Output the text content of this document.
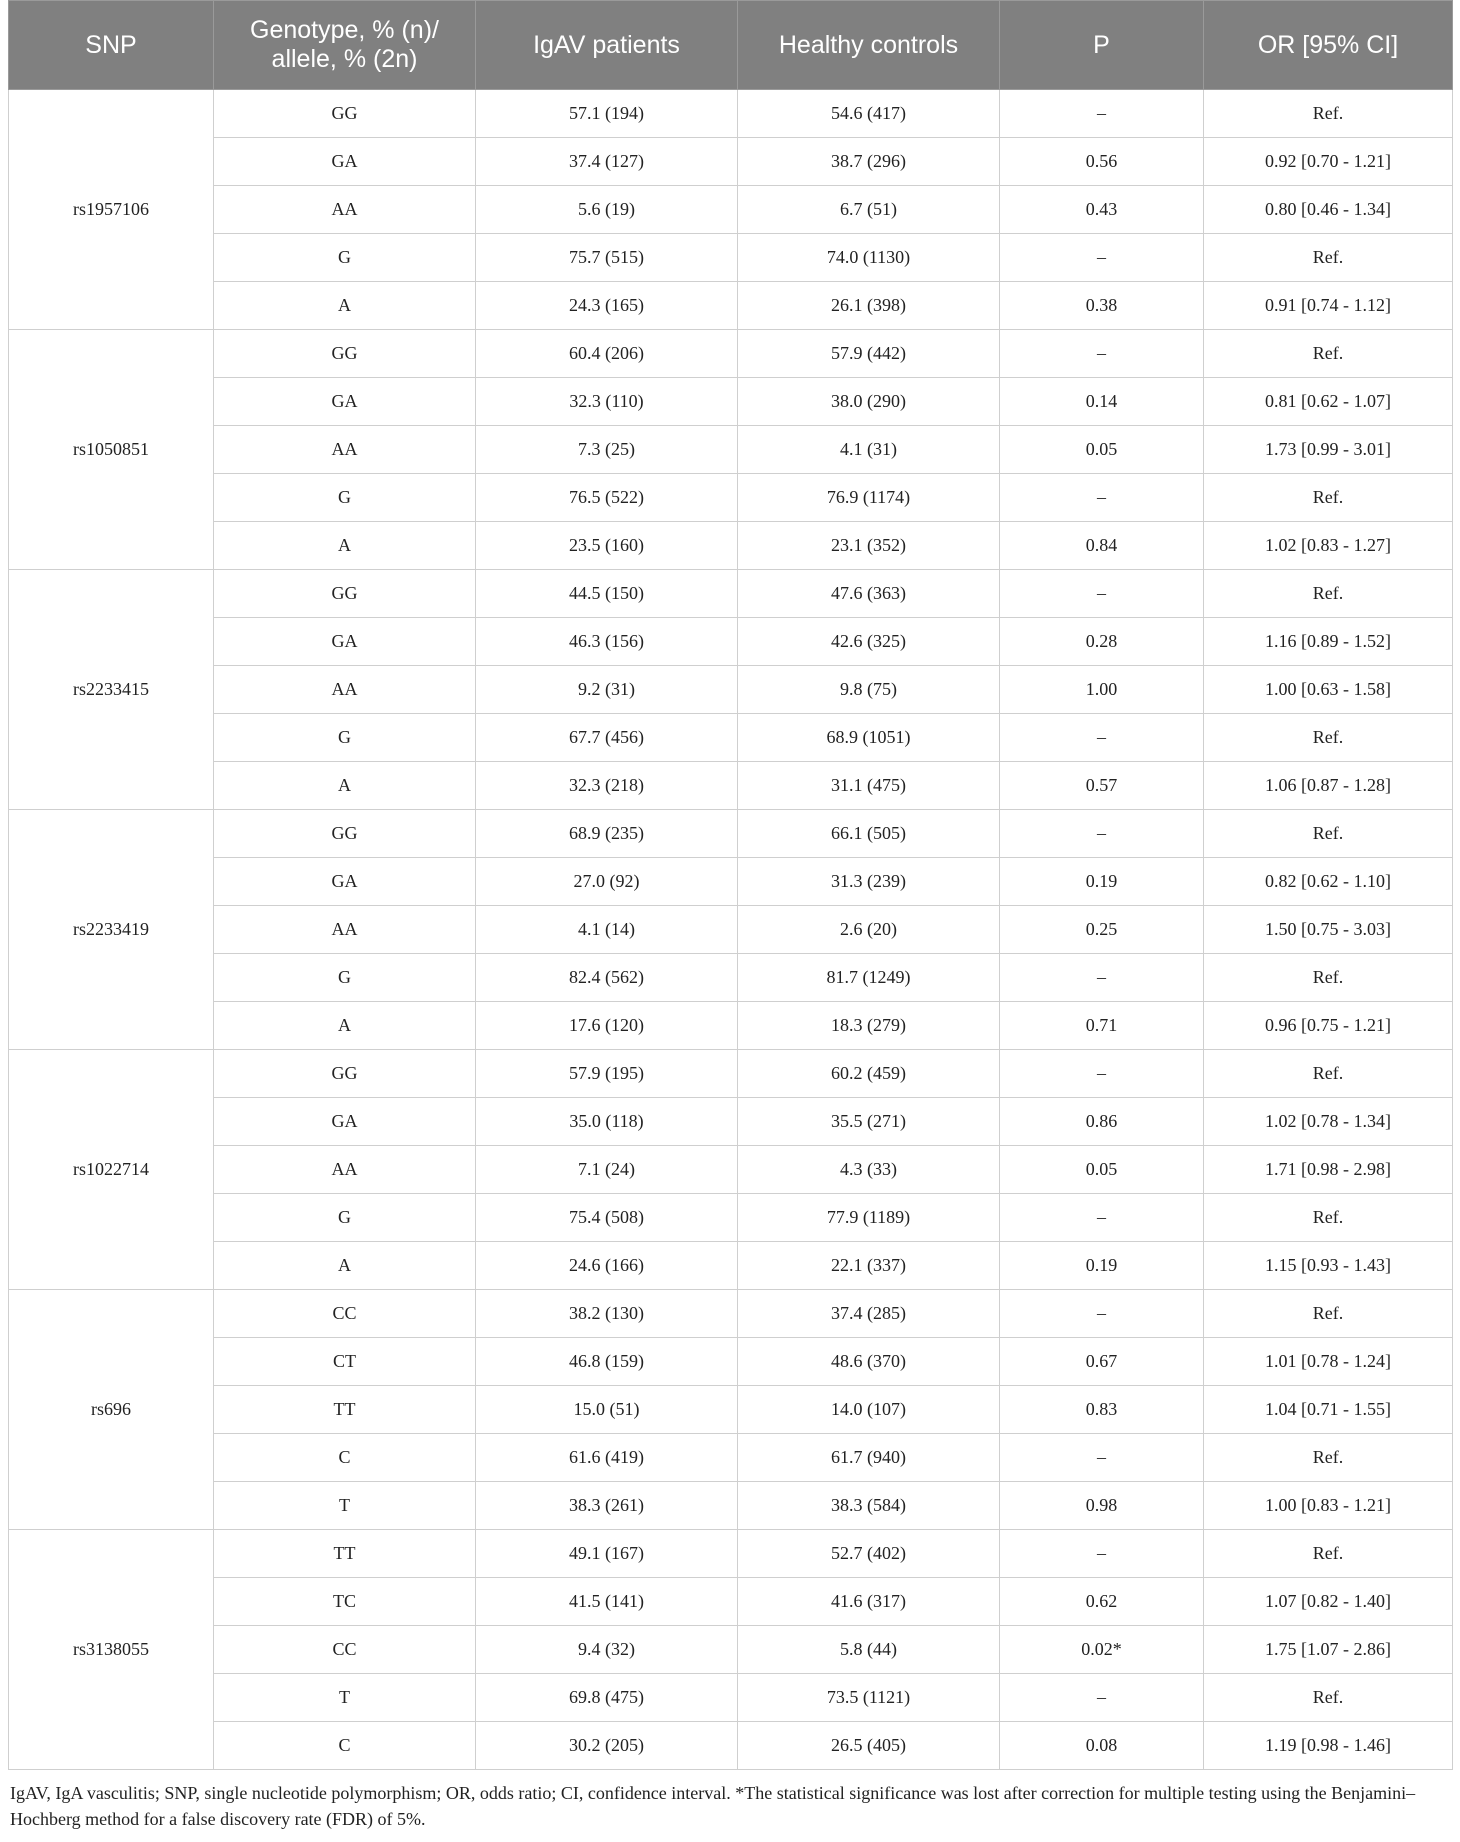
SNP	Genotype, % (n)/ allele, % (2n)	IgAV patients	Healthy controls	P	OR [95% CI]
rs1957106	GG	57.1 (194)	54.6 (417)	–	Ref.
	GA	37.4 (127)	38.7 (296)	0.56	0.92 [0.70 - 1.21]
	AA	5.6 (19)	6.7 (51)	0.43	0.80 [0.46 - 1.34]
	G	75.7 (515)	74.0 (1130)	–	Ref.
	A	24.3 (165)	26.1 (398)	0.38	0.91 [0.74 - 1.12]
rs1050851	GG	60.4 (206)	57.9 (442)	–	Ref.
	GA	32.3 (110)	38.0 (290)	0.14	0.81 [0.62 - 1.07]
	AA	7.3 (25)	4.1 (31)	0.05	1.73 [0.99 - 3.01]
	G	76.5 (522)	76.9 (1174)	–	Ref.
	A	23.5 (160)	23.1 (352)	0.84	1.02 [0.83 - 1.27]
rs2233415	GG	44.5 (150)	47.6 (363)	–	Ref.
	GA	46.3 (156)	42.6 (325)	0.28	1.16 [0.89 - 1.52]
	AA	9.2 (31)	9.8 (75)	1.00	1.00 [0.63 - 1.58]
	G	67.7 (456)	68.9 (1051)	–	Ref.
	A	32.3 (218)	31.1 (475)	0.57	1.06 [0.87 - 1.28]
rs2233419	GG	68.9 (235)	66.1 (505)	–	Ref.
	GA	27.0 (92)	31.3 (239)	0.19	0.82 [0.62 - 1.10]
	AA	4.1 (14)	2.6 (20)	0.25	1.50 [0.75 - 3.03]
	G	82.4 (562)	81.7 (1249)	–	Ref.
	A	17.6 (120)	18.3 (279)	0.71	0.96 [0.75 - 1.21]
rs1022714	GG	57.9 (195)	60.2 (459)	–	Ref.
	GA	35.0 (118)	35.5 (271)	0.86	1.02 [0.78 - 1.34]
	AA	7.1 (24)	4.3 (33)	0.05	1.71 [0.98 - 2.98]
	G	75.4 (508)	77.9 (1189)	–	Ref.
	A	24.6 (166)	22.1 (337)	0.19	1.15 [0.93 - 1.43]
rs696	CC	38.2 (130)	37.4 (285)	–	Ref.
	CT	46.8 (159)	48.6 (370)	0.67	1.01 [0.78 - 1.24]
	TT	15.0 (51)	14.0 (107)	0.83	1.04 [0.71 - 1.55]
	C	61.6 (419)	61.7 (940)	–	Ref.
	T	38.3 (261)	38.3 (584)	0.98	1.00 [0.83 - 1.21]
rs3138055	TT	49.1 (167)	52.7 (402)	–	Ref.
	TC	41.5 (141)	41.6 (317)	0.62	1.07 [0.82 - 1.40]
	CC	9.4 (32)	5.8 (44)	0.02*	1.75 [1.07 - 2.86]
	T	69.8 (475)	73.5 (1121)	–	Ref.
	C	30.2 (205)	26.5 (405)	0.08	1.19 [0.98 - 1.46]
IgAV, IgA vasculitis; SNP, single nucleotide polymorphism; OR, odds ratio; CI, confidence interval. *The statistical significance was lost after correction for multiple testing using the Benjamini–Hochberg method for a false discovery rate (FDR) of 5%.
